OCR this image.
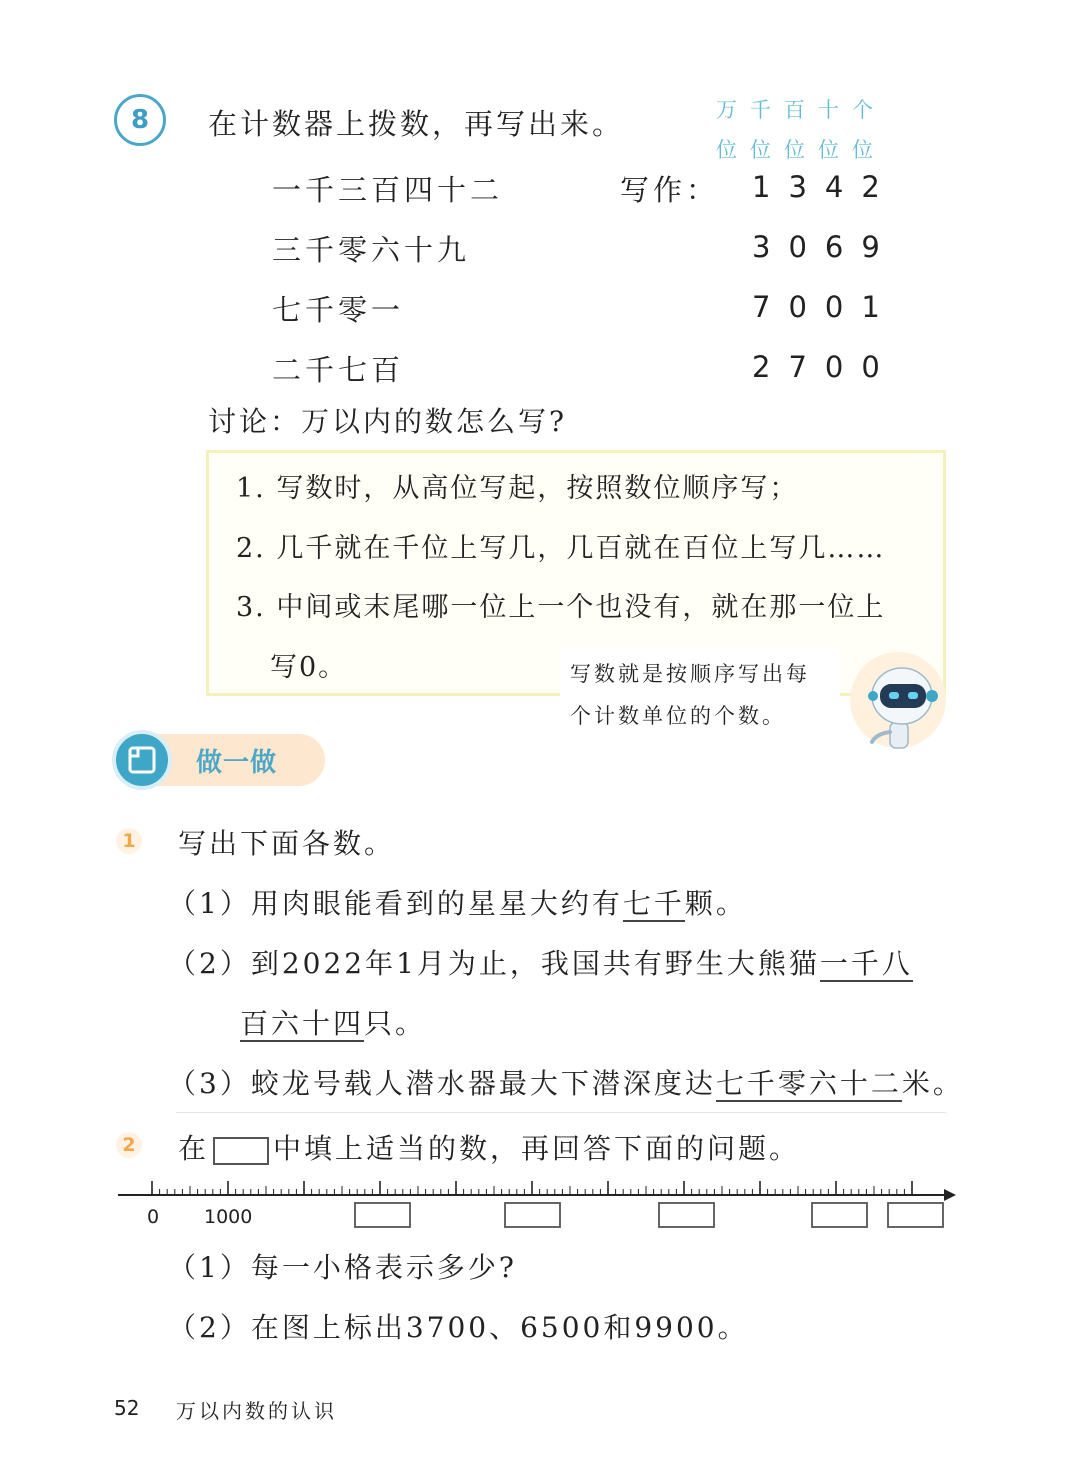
8	在计数器上拨数，再写出来。	万 千 百 十 个
位 位 位 位 位
一千三百四十二	写作： 1342
三千零六十九	3069
七千零一	7001
二千七百	2700
讨论：万以内的数怎么写?
1. 写数时，从高位写起，按照数位顺序写；
2. 几千就在千位上写几，几百就在百位上写几……
3. 中间或末尾哪一位上一个也没有，就在那一位上
写0。	写数就是按顺序写出每
个计数单位的个数。
做一做
1 写出下面各数。
（1）用肉眼能看到的星星大约有七千颗。
（2）到2022年1月为止，我国共有野生大熊猫一千八
百六十四只。
（3）蛟龙号载人潜水器最大下潜深度达七千零六十二米。
2 在 中填上适当的数，再回答下面的问题。
0 1000
（1）每一小格表示多少?
（2）在图上标出3700、6500和9900。
52 万以内数的认识
